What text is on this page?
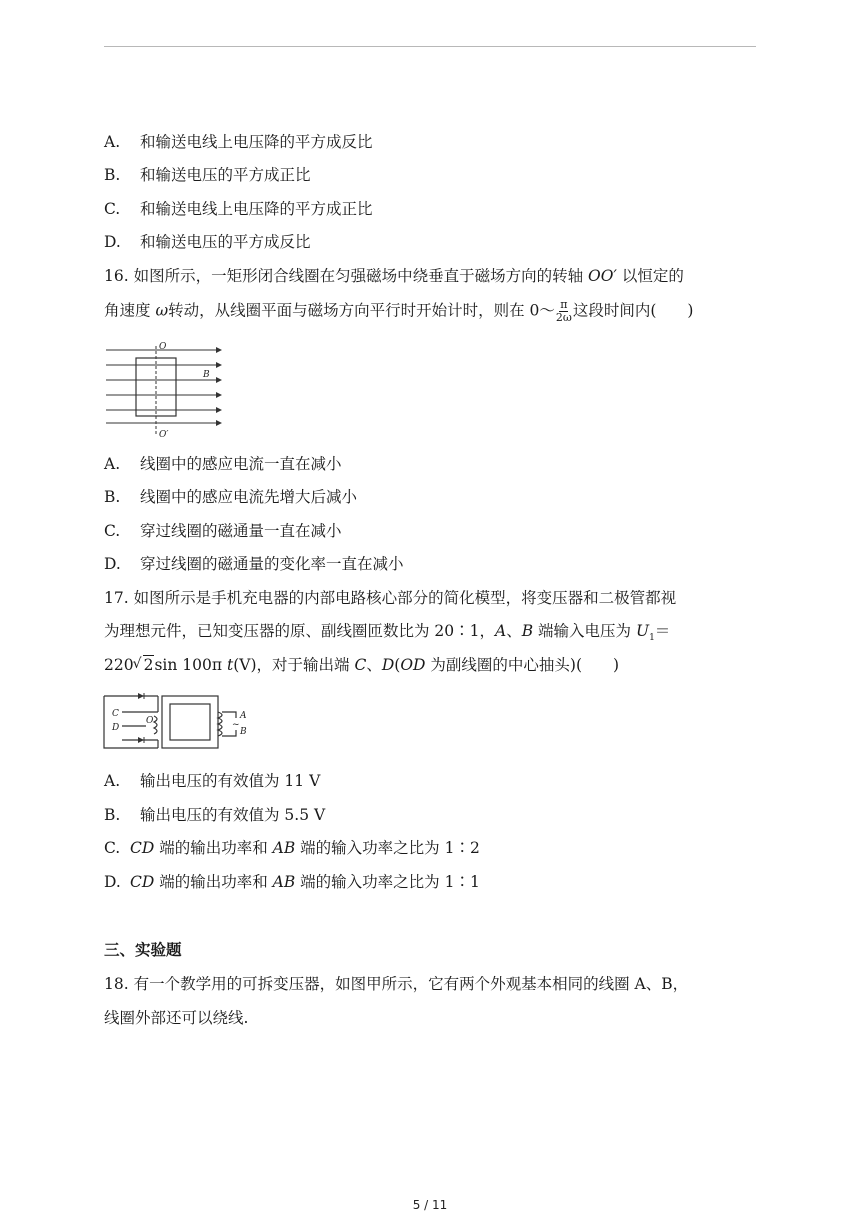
A. 和输送电线上电压降的平方成反比
B. 和输送电压的平方成正比
C. 和输送电线上电压降的平方成正比
D. 和输送电压的平方成反比
16. 如图所示，一矩形闭合线圈在匀强磁场中绕垂直于磁场方向的转轴 OO′ 以恒定的
角速度 ω转动，从线圈平面与磁场方向平行时开始计时，则在 0～ $\frac{\pi}{2\omega}$ 这段时间内(　　)
O
B
O′
A. 线圈中的感应电流一直在减小
B. 线圈中的感应电流先增大后减小
C. 穿过线圈的磁通量一直在减小
D. 穿过线圈的磁通量的变化率一直在减小
17. 如图所示是手机充电器的内部电路核心部分的简化模型，将变压器和二极管都视
为理想元件，已知变压器的原、副线圈匝数比为 20∶1，A、B 端输入电压为 $U_1=$
220√ 2sin 100π t(V)，对于输出端 C、D(OD 为副线圈的中心抽头)(　　)
C
D
O	A
~
B
A. 输出电压的有效值为 11 V
B. 输出电压的有效值为 5.5 V
C. CD 端的输出功率和 AB 端的输入功率之比为 1∶2
D. CD 端的输出功率和 AB 端的输入功率之比为 1∶1
三、实验题
18. 有一个教学用的可拆变压器，如图甲所示，它有两个外观基本相同的线圈 A、B，
线圈外部还可以绕线.
5 / 11
